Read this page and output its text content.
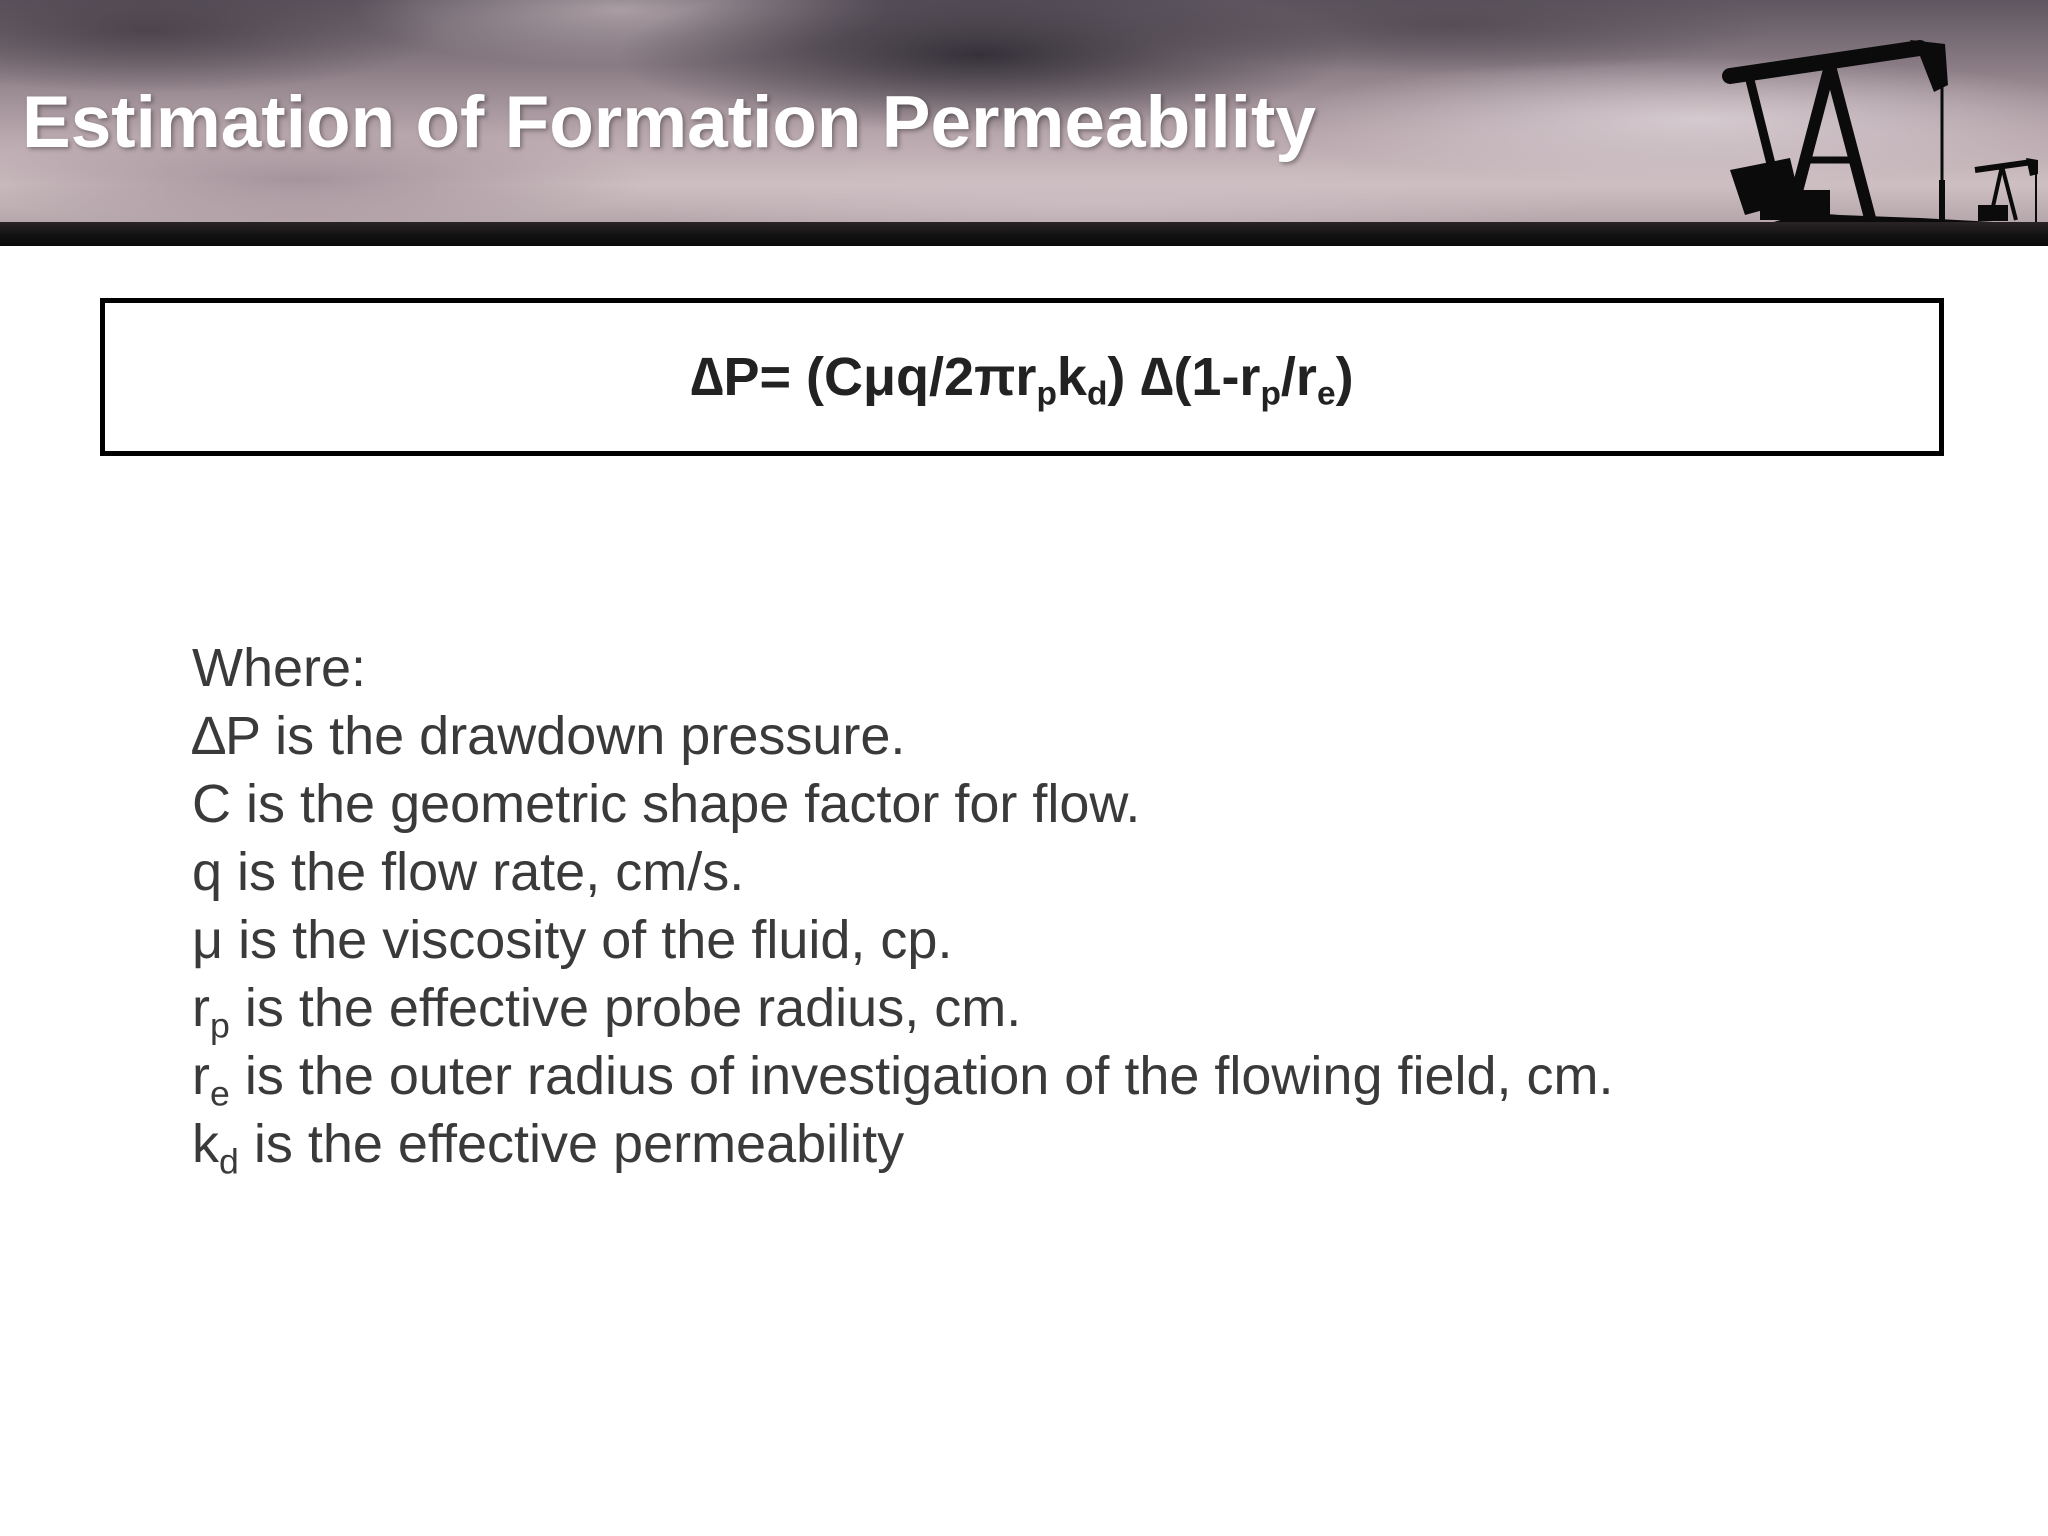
Estimation of Formation Permeability
$\Delta P= (C\mu q/2\pi r_pk_d)$ $\Delta(1-r_p/r_e)$
Where:
∆P is the drawdown pressure.
C is the geometric shape factor for flow.
q is the flow rate, cm/s.
μ is the viscosity of the fluid, cp.
$r_p$ is the effective probe radius, cm.
$r_e$ is the outer radius of investigation of the flowing field, cm.
$k_d$ is the effective permeability
